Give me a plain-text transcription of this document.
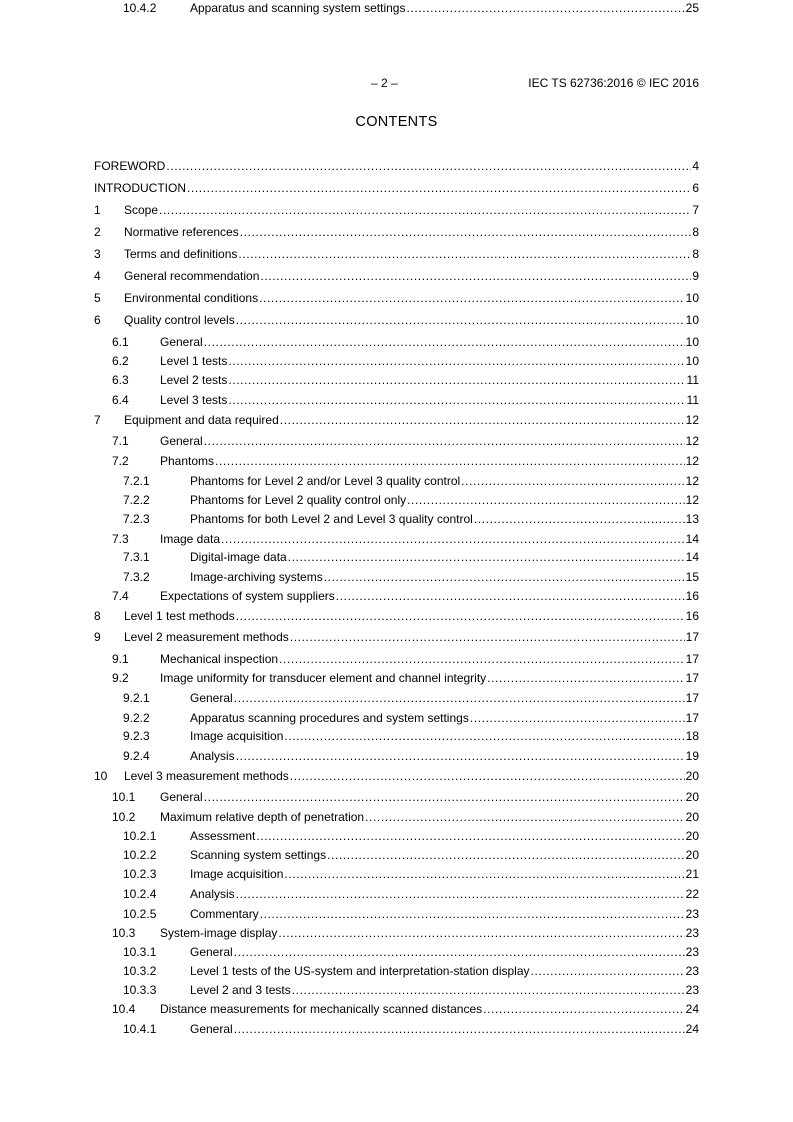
– 2 –	IEC TS 62736:2016 © IEC 2016
CONTENTS
FOREWORD .....	4
INTRODUCTION .....	6
1	Scope .....	7
2	Normative references .....	8
3	Terms and definitions .....	8
4	General recommendation .....	9
5	Environmental conditions .....	10
6	Quality control levels .....	10
6.1	General .....	10
6.2	Level 1 tests .....	10
6.3	Level 2 tests .....	11
6.4	Level 3 tests .....	11
7	Equipment and data required .....	12
7.1	General .....	12
7.2	Phantoms .....	12
7.2.1	Phantoms for Level 2 and/or Level 3 quality control .....	12
7.2.2	Phantoms for Level 2 quality control only .....	12
7.2.3	Phantoms for both Level 2 and Level 3 quality control .....	13
7.3	Image data .....	14
7.3.1	Digital-image data .....	14
7.3.2	Image-archiving systems .....	15
7.4	Expectations of system suppliers .....	16
8	Level 1 test methods .....	16
9	Level 2 measurement methods .....	17
9.1	Mechanical inspection .....	17
9.2	Image uniformity for transducer element and channel integrity .....	17
9.2.1	General .....	17
9.2.2	Apparatus scanning procedures and system settings .....	17
9.2.3	Image acquisition .....	18
9.2.4	Analysis .....	19
10	Level 3 measurement methods .....	20
10.1	General .....	20
10.2	Maximum relative depth of penetration .....	20
10.2.1	Assessment .....	20
10.2.2	Scanning system settings .....	20
10.2.3	Image acquisition .....	21
10.2.4	Analysis .....	22
10.2.5	Commentary .....	23
10.3	System-image display .....	23
10.3.1	General .....	23
10.3.2	Level 1 tests of the US-system and interpretation-station display .....	23
10.3.3	Level 2 and 3 tests .....	23
10.4	Distance measurements for mechanically scanned distances .....	24
10.4.1	General .....	24
10.4.2	Apparatus and scanning system settings .....	25
